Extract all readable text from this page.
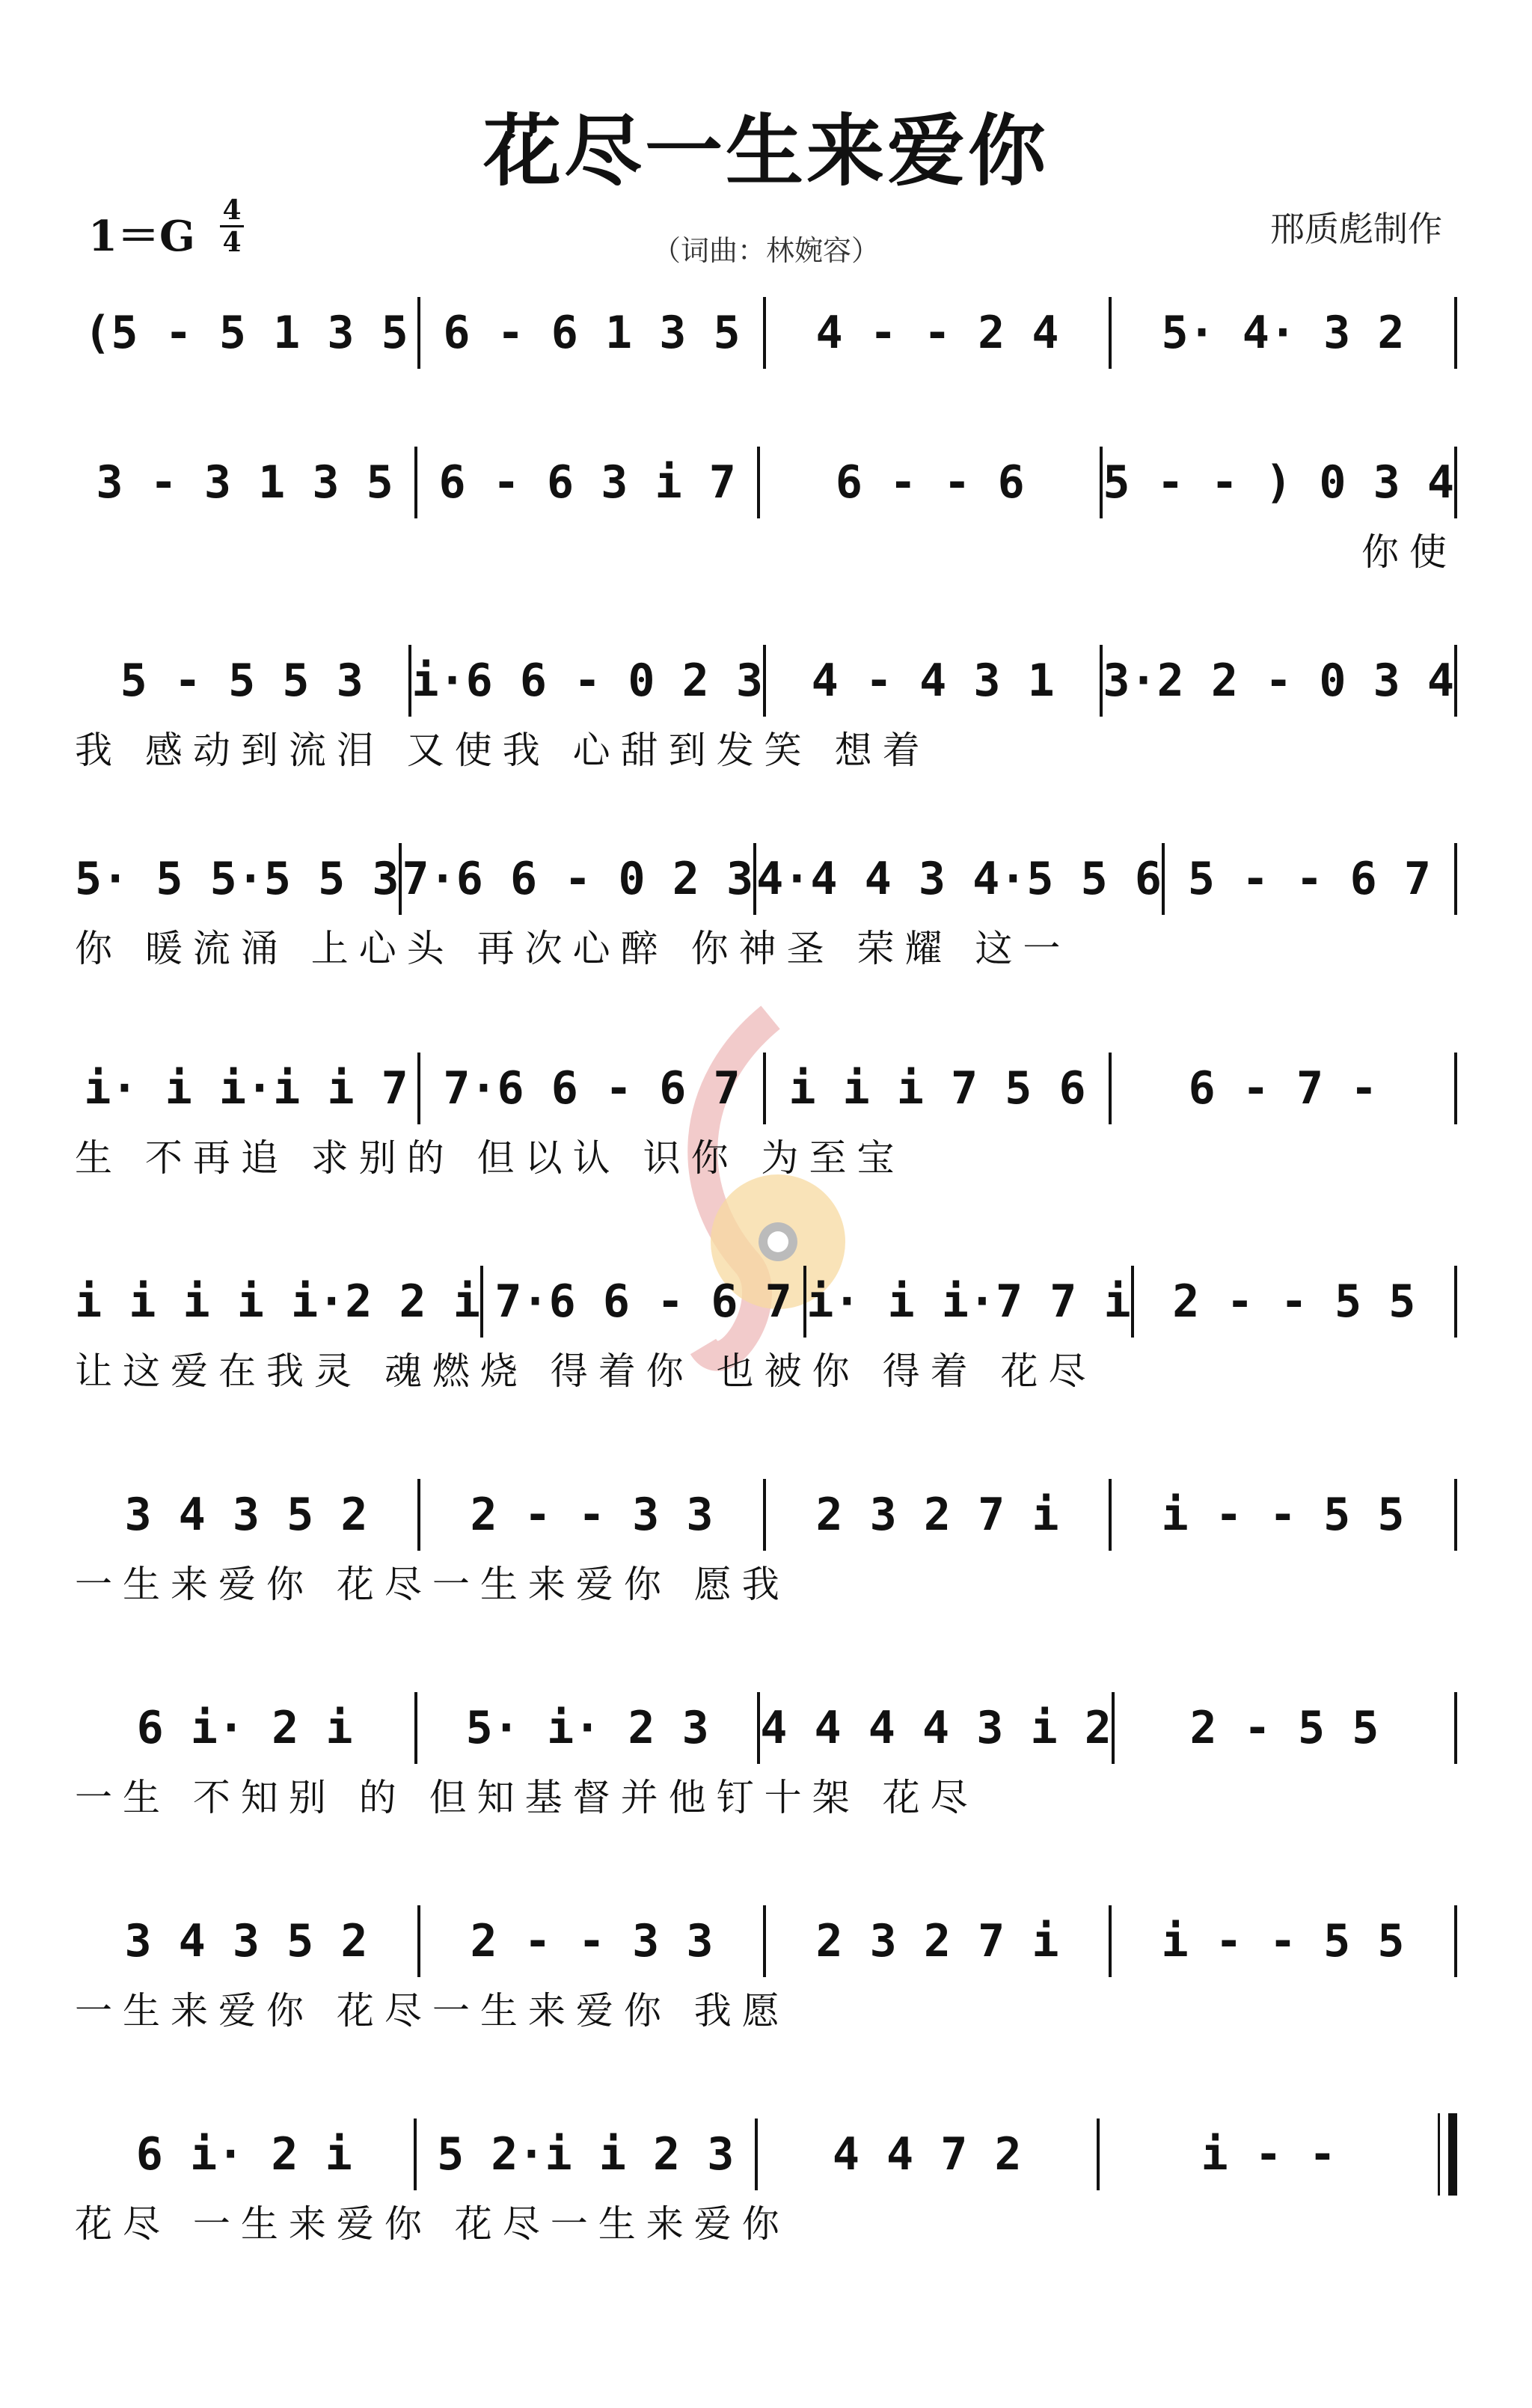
花尽一生来爱你
1＝G
4
4	（词曲：林婉容）
邢质彪制作
(5 - 5 1 3 5 6 - 6 1 3 5	4 - - 2 4	5· 4· 3 2
3 - 3 1 3 5	6 - 6 3 i 7	6 - - 6	5 - - ) 0 3 4
你使
5 - 5 5 3	i·6 6 - 0 2 3	4 - 4 3 1	3·2 2 - 0 3 4
我 感动到流泪 又使我 心甜到发笑 想着
5· 5 5·5 5 3 7·6 6 - 0 2 3 4·4 4 3 4·5 5 6 5 - - 6 7
你 暖流涌 上心头 再次心醉 你神圣 荣耀 这一
i· i i·i i 7 7·6 6 - 6 7	i i i 7 5 6	6 - 7 -
生 不再追 求别的 但以认 识你 为至宝
i i i i i·2 2 i 7·6 6 - 6 7 i· i i·7 7 i 2 - - 5 5
让这爱在我灵 魂燃烧 得着你 也被你 得着 花尽
3 4 3 5 2	2 - - 3 3	2 3 2 7 i	i - - 5 5
一生来爱你 花尽一生来爱你 愿我
6 i· 2 i	5· i· 2 3	4 4 4 4 3 i 2	2 - 5 5
一生 不知别 的 但知基督并他钉十架 花尽
3 4 3 5 2	2 - - 3 3	2 3 2 7 i	i - - 5 5
一生来爱你 花尽一生来爱你 我愿
6 i· 2 i	5 2·i i 2 3	4 4 7 2	i - -
花尽 一生来爱你 花尽一生来爱你
